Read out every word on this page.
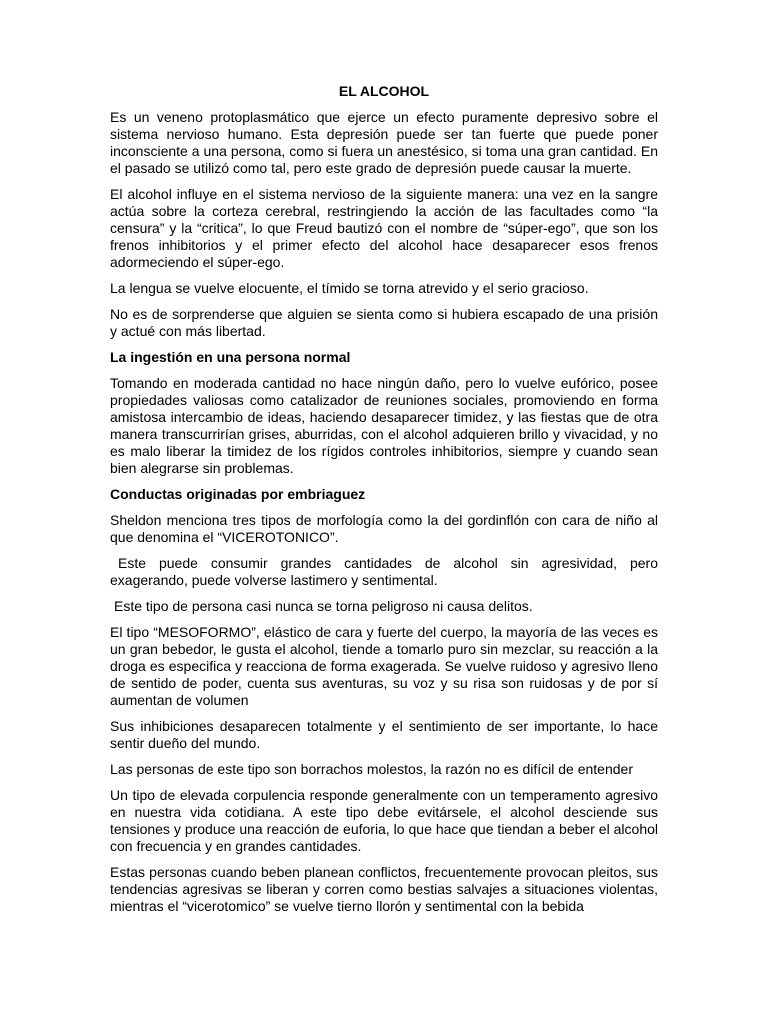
EL ALCOHOL

Es un veneno protoplasmático que ejerce un efecto puramente depresivo sobre el sistema nervioso humano. Esta depresión puede ser tan fuerte que puede poner inconsciente a una persona, como si fuera un anestésico, si toma una gran cantidad. En el pasado se utilizó como tal, pero este grado de depresión puede causar la muerte.

El alcohol influye en el sistema nervioso de la siguiente manera: una vez en la sangre actúa sobre la corteza cerebral, restringiendo la acción de las facultades como “la censura” y la “critica”, lo que Freud bautizó con el nombre de “súper-ego”, que son los frenos inhibitorios y el primer efecto del alcohol hace desaparecer esos frenos adormeciendo el súper-ego.

La lengua se vuelve elocuente, el tímido se torna atrevido y el serio gracioso.

No es de sorprenderse que alguien se sienta como si hubiera escapado de una prisión y actué con más libertad.

La ingestión en una persona normal

Tomando en moderada cantidad no hace ningún daño, pero lo vuelve eufórico, posee propiedades valiosas como catalizador de reuniones sociales, promoviendo en forma amistosa intercambio de ideas, haciendo desaparecer timidez, y las fiestas que de otra manera transcurrirían grises, aburridas, con el alcohol adquieren brillo y vivacidad, y no es malo liberar la timidez de los rígidos controles inhibitorios, siempre y cuando sean bien alegrarse sin problemas.

Conductas originadas por embriaguez

Sheldon menciona tres tipos de morfología como la del gordinflón con cara de niño al que denomina el “VICEROTONICO”.

Este puede consumir grandes cantidades de alcohol sin agresividad, pero exagerando, puede volverse lastimero y sentimental.

Este tipo de persona casi nunca se torna peligroso ni causa delitos.

El tipo “MESOFORMO”, elástico de cara y fuerte del cuerpo, la mayoría de las veces es un gran bebedor, le gusta el alcohol, tiende a tomarlo puro sin mezclar, su reacción a la droga es especifica y reacciona de forma exagerada. Se vuelve ruidoso y agresivo lleno de sentido de poder, cuenta sus aventuras, su voz y su risa son ruidosas y de por sí aumentan de volumen

Sus inhibiciones desaparecen totalmente y el sentimiento de ser importante, lo hace sentir dueño del mundo.

Las personas de este tipo son borrachos molestos, la razón no es difícil de entender

Un tipo de elevada corpulencia responde generalmente con un temperamento agresivo en nuestra vida cotidiana. A este tipo debe evitársele, el alcohol desciende sus tensiones y produce una reacción de euforia, lo que hace que tiendan a beber el alcohol con frecuencia y en grandes cantidades.

Estas personas cuando beben planean conflictos, frecuentemente provocan pleitos, sus tendencias agresivas se liberan y corren como bestias salvajes a situaciones violentas, mientras el “vicerotomico” se vuelve tierno llorón y sentimental con la bebida
